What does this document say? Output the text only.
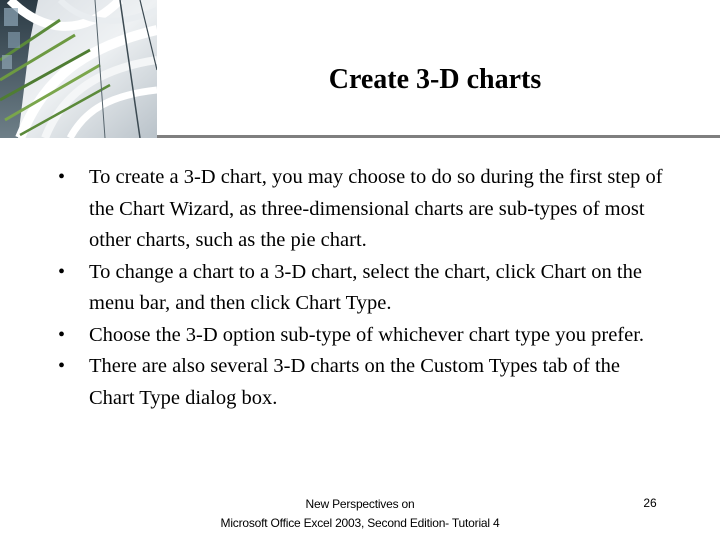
Create 3-D charts
• To create a 3-D chart, you may choose to do so during the first step of the Chart Wizard, as three-dimensional charts are sub-types of most other charts, such as the pie chart.
• To change a chart to a 3-D chart, select the chart, click Chart on the menu bar, and then click Chart Type.
• Choose the 3-D option sub-type of whichever chart type you prefer.
• There are also several 3-D charts on the Custom Types tab of the Chart Type dialog box.
New Perspectives on
Microsoft Office Excel 2003, Second Edition- Tutorial 4
26
